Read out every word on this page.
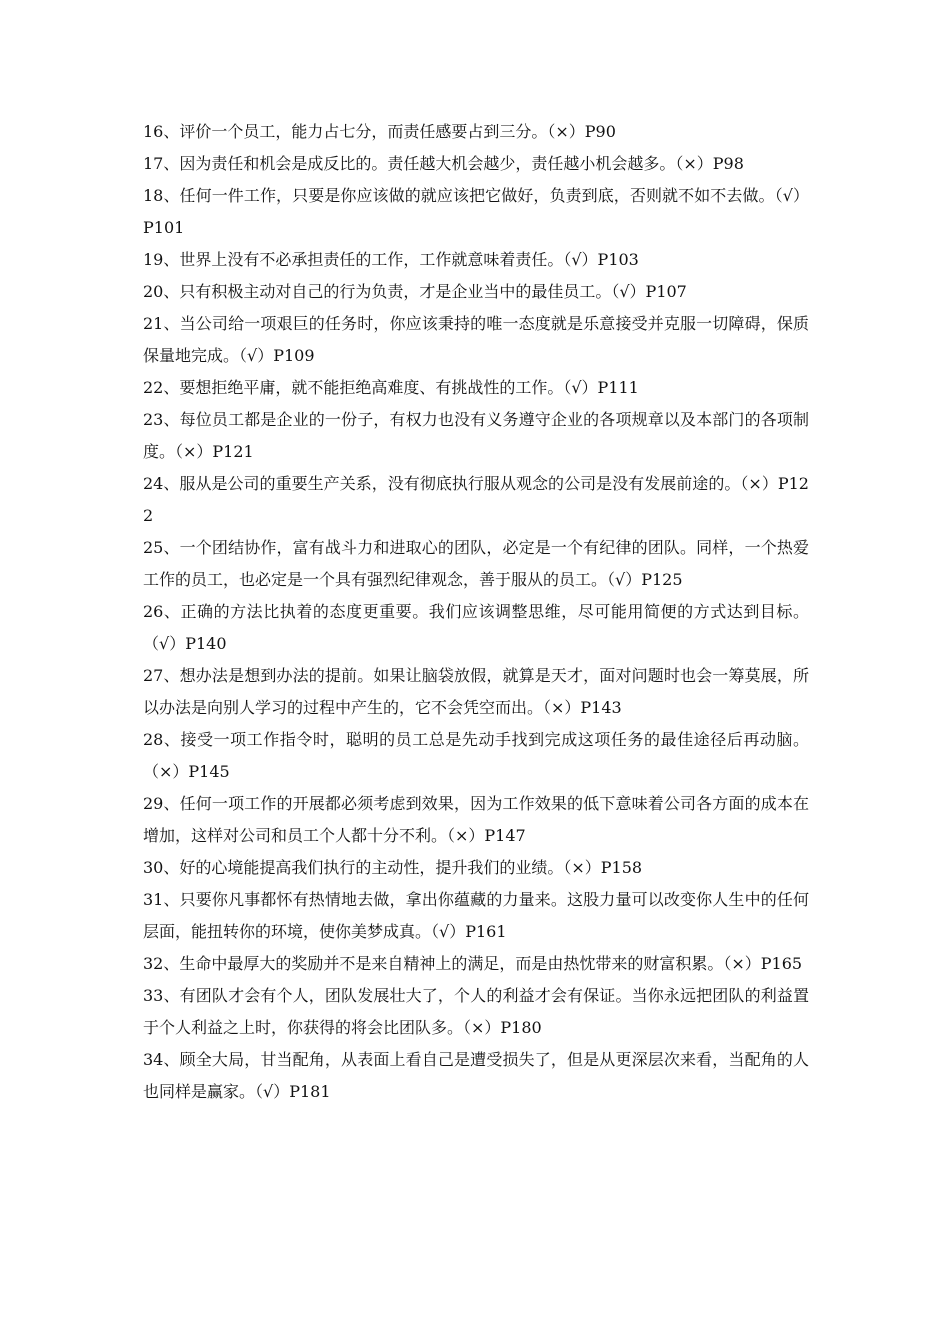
16、评价一个员工，能力占七分，而责任感要占到三分。（×）P90

17、因为责任和机会是成反比的。责任越大机会越少，责任越小机会越多。（×）P98

18、任何一件工作，只要是你应该做的就应该把它做好，负责到底，否则就不如不去做。（√）P101

19、世界上没有不必承担责任的工作，工作就意味着责任。（√）P103

20、只有积极主动对自己的行为负责，才是企业当中的最佳员工。（√）P107

21、当公司给一项艰巨的任务时，你应该秉持的唯一态度就是乐意接受并克服一切障碍，保质保量地完成。（√）P109

22、要想拒绝平庸，就不能拒绝高难度、有挑战性的工作。（√）P111

23、每位员工都是企业的一份子，有权力也没有义务遵守企业的各项规章以及本部门的各项制度。（×）P121

24、服从是公司的重要生产关系，没有彻底执行服从观念的公司是没有发展前途的。（×）P122

25、一个团结协作，富有战斗力和进取心的团队，必定是一个有纪律的团队。同样，一个热爱工作的员工，也必定是一个具有强烈纪律观念，善于服从的员工。（√）P125

26、正确的方法比执着的态度更重要。我们应该调整思维，尽可能用简便的方式达到目标。（√）P140

27、想办法是想到办法的提前。如果让脑袋放假，就算是天才，面对问题时也会一筹莫展，所以办法是向别人学习的过程中产生的，它不会凭空而出。（×）P143

28、接受一项工作指令时，聪明的员工总是先动手找到完成这项任务的最佳途径后再动脑。（×）P145

29、任何一项工作的开展都必须考虑到效果，因为工作效果的低下意味着公司各方面的成本在增加，这样对公司和员工个人都十分不利。（×）P147

30、好的心境能提高我们执行的主动性，提升我们的业绩。（×）P158

31、只要你凡事都怀有热情地去做，拿出你蕴藏的力量来。这股力量可以改变你人生中的任何层面，能扭转你的环境，使你美梦成真。（√）P161

32、生命中最厚大的奖励并不是来自精神上的满足，而是由热忱带来的财富积累。（×）P165

33、有团队才会有个人，团队发展壮大了，个人的利益才会有保证。当你永远把团队的利益置于个人利益之上时，你获得的将会比团队多。（×）P180

34、顾全大局，甘当配角，从表面上看自己是遭受损失了，但是从更深层次来看，当配角的人也同样是赢家。（√）P181
